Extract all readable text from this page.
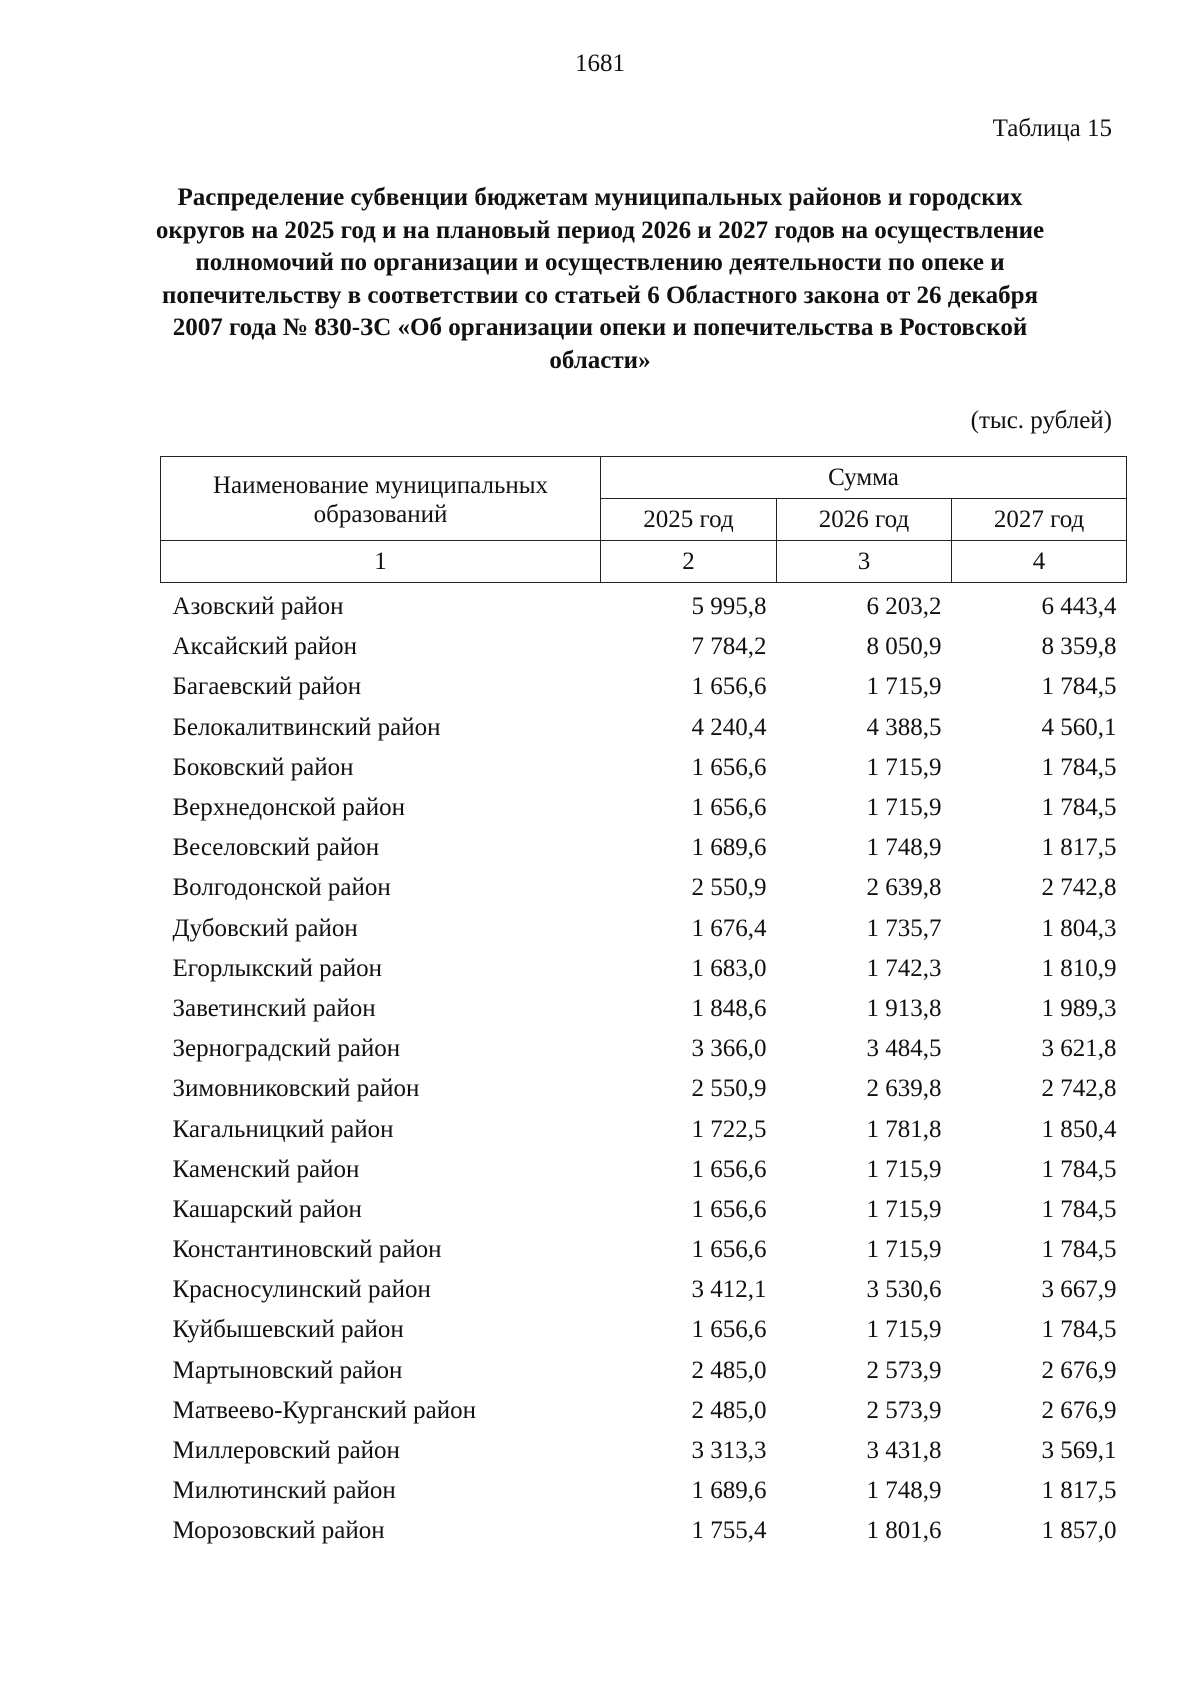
1681
Таблица 15
Распределение субвенции бюджетам муниципальных районов и городских округов на 2025 год и на плановый период 2026 и 2027 годов на осуществление полномочий по организации и осуществлению деятельности по опеке и попечительству в соответствии со статьей 6 Областного закона от 26 декабря 2007 года № 830-ЗС «Об организации опеки и попечительства в Ростовской области»
(тыс. рублей)
Наименование муниципальных образований	Сумма		
	2025 год	2026 год	2027 год
1	2	3	4
Азовский район	5 995,8	6 203,2	6 443,4
Аксайский район	7 784,2	8 050,9	8 359,8
Багаевский район	1 656,6	1 715,9	1 784,5
Белокалитвинский район	4 240,4	4 388,5	4 560,1
Боковский район	1 656,6	1 715,9	1 784,5
Верхнедонской район	1 656,6	1 715,9	1 784,5
Веселовский район	1 689,6	1 748,9	1 817,5
Волгодонской район	2 550,9	2 639,8	2 742,8
Дубовский район	1 676,4	1 735,7	1 804,3
Егорлыкский район	1 683,0	1 742,3	1 810,9
Заветинский район	1 848,6	1 913,8	1 989,3
Зерноградский район	3 366,0	3 484,5	3 621,8
Зимовниковский район	2 550,9	2 639,8	2 742,8
Кагальницкий район	1 722,5	1 781,8	1 850,4
Каменский район	1 656,6	1 715,9	1 784,5
Кашарский район	1 656,6	1 715,9	1 784,5
Константиновский район	1 656,6	1 715,9	1 784,5
Красносулинский район	3 412,1	3 530,6	3 667,9
Куйбышевский район	1 656,6	1 715,9	1 784,5
Мартыновский район	2 485,0	2 573,9	2 676,9
Матвеево-Курганский район	2 485,0	2 573,9	2 676,9
Миллеровский район	3 313,3	3 431,8	3 569,1
Милютинский район	1 689,6	1 748,9	1 817,5
Морозовский район	1 755,4	1 801,6	1 857,0
